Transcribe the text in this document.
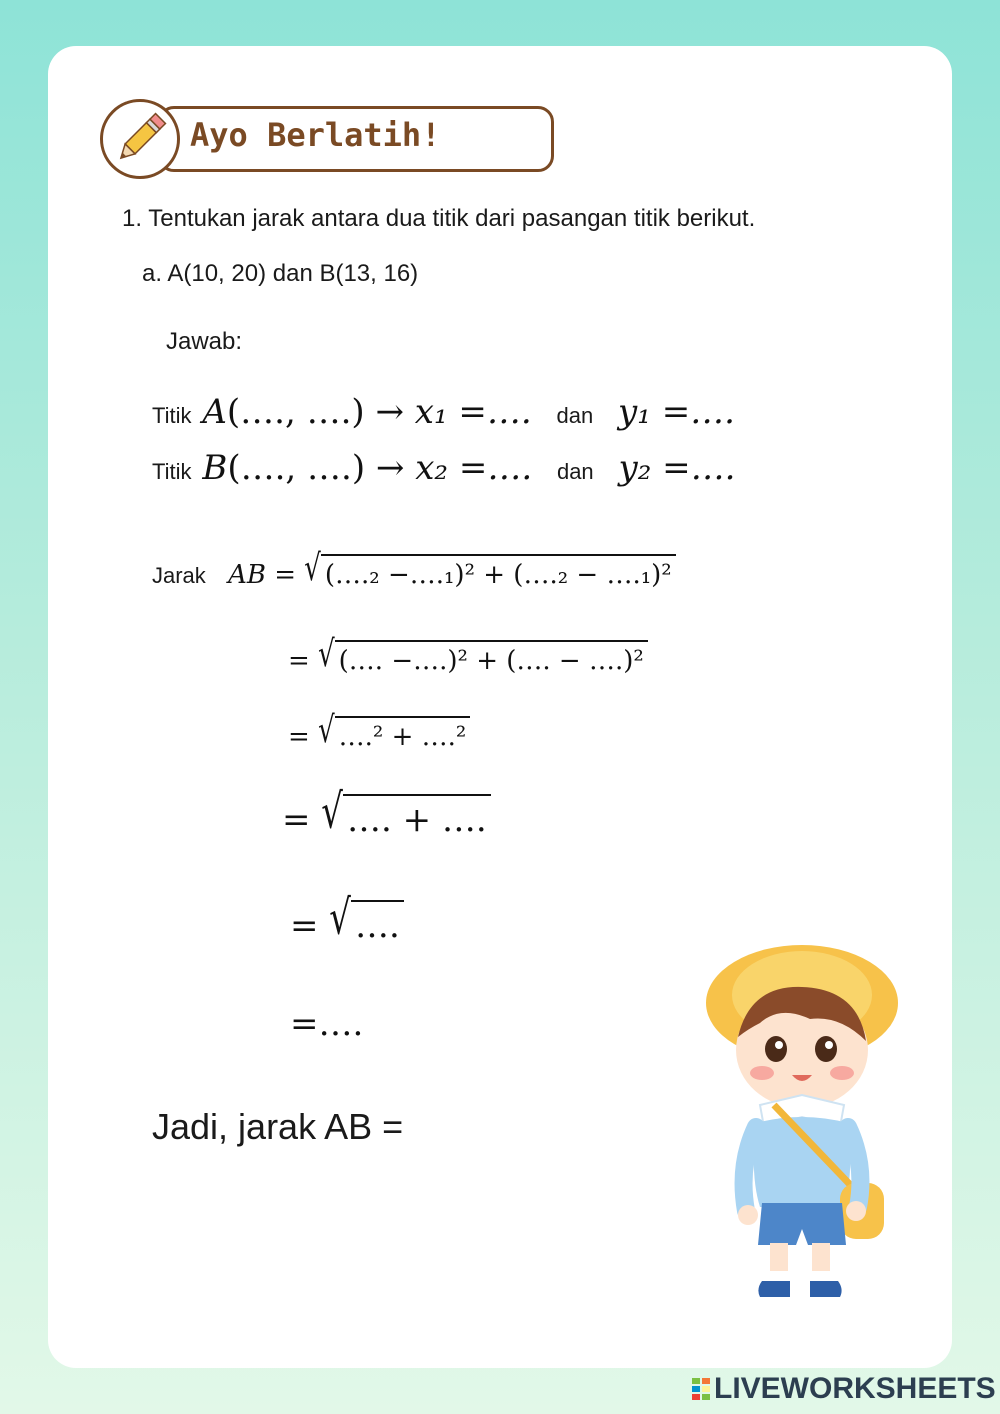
Ayo Berlatih!
1. Tentukan jarak antara dua titik dari pasangan titik berikut.
a. A(10, 20) dan B(13, 16)
Jawab:
Titik A(…., ….) → x₁ =…. dan y₁ =….
Titik B(…., ….) → x₂ =…. dan y₂ =….
Jarak AB = √ (….₂ −….₁)² + (….₂ − ….₁)²
= √ (…. −….)² + (…. − ….)²
= √ ….² + ….²
= √ …. + ….
= √ ….
=….
Jadi, jarak AB =
LIVEWORKSHEETS
